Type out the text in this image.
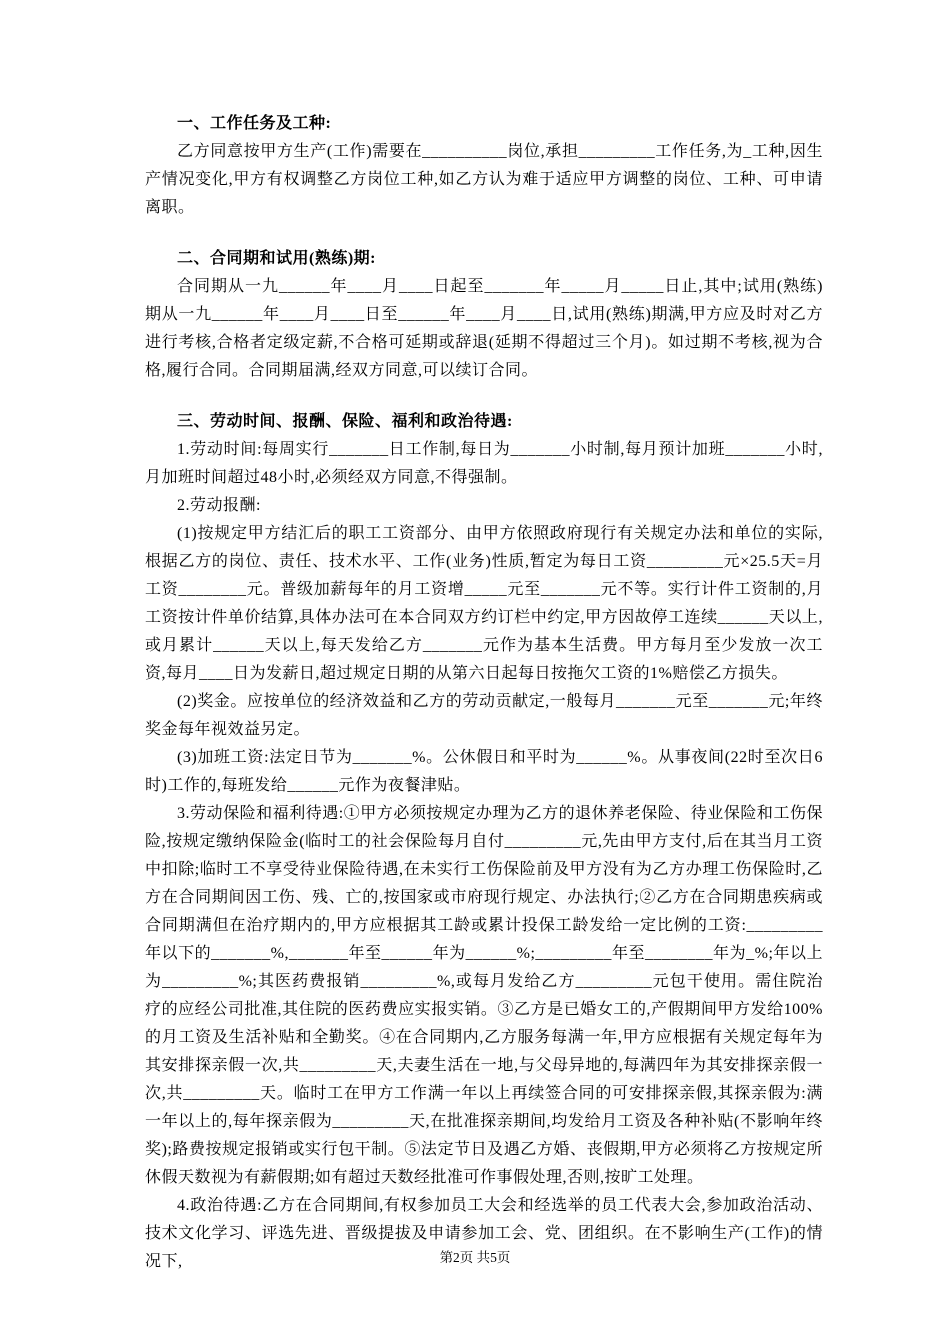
一、工作任务及工种:

乙方同意按甲方生产(工作)需要在__________岗位,承担_________工作任务,为_工种,因生产情况变化,甲方有权调整乙方岗位工种,如乙方认为难于适应甲方调整的岗位、工种、可申请离职。

二、合同期和试用(熟练)期:

合同期从一九______年____月____日起至_______年_____月_____日止,其中;试用(熟练)期从一九______年____月____日至______年____月____日,试用(熟练)期满,甲方应及时对乙方进行考核,合格者定级定薪,不合格可延期或辞退(延期不得超过三个月)。如过期不考核,视为合格,履行合同。合同期届满,经双方同意,可以续订合同。

三、劳动时间、报酬、保险、福利和政治待遇:

1.劳动时间:每周实行_______日工作制,每日为_______小时制,每月预计加班_______小时,月加班时间超过48小时,必须经双方同意,不得强制。

2.劳动报酬:

(1)按规定甲方结汇后的职工工资部分、由甲方依照政府现行有关规定办法和单位的实际,根据乙方的岗位、责任、技术水平、工作(业务)性质,暂定为每日工资_________元×25.5天=月工资________元。普级加薪每年的月工资增_____元至_______元不等。实行计件工资制的,月工资按计件单价结算,具体办法可在本合同双方约订栏中约定,甲方因故停工连续______天以上,或月累计______天以上,每天发给乙方_______元作为基本生活费。甲方每月至少发放一次工资,每月____日为发薪日,超过规定日期的从第六日起每日按拖欠工资的1%赔偿乙方损失。

(2)奖金。应按单位的经济效益和乙方的劳动贡献定,一般每月_______元至_______元;年终奖金每年视效益另定。

(3)加班工资:法定日节为_______%。公休假日和平时为______%。从事夜间(22时至次日6时)工作的,每班发给______元作为夜餐津贴。

3.劳动保险和福利待遇:①甲方必须按规定办理为乙方的退休养老保险、待业保险和工伤保险,按规定缴纳保险金(临时工的社会保险每月自付_________元,先由甲方支付,后在其当月工资中扣除;临时工不享受待业保险待遇,在未实行工伤保险前及甲方没有为乙方办理工伤保险时,乙方在合同期间因工伤、残、亡的,按国家或市府现行规定、办法执行;②乙方在合同期患疾病或合同期满但在治疗期内的,甲方应根据其工龄或累计投保工龄发给一定比例的工资:_________年以下的_______%,_______年至______年为______%;_________年至________年为_%;年以上为_________%;其医药费报销_________%,或每月发给乙方_________元包干使用。需住院治疗的应经公司批准,其住院的医药费应实报实销。③乙方是已婚女工的,产假期间甲方发给100%的月工资及生活补贴和全勤奖。④在合同期内,乙方服务每满一年,甲方应根据有关规定每年为其安排探亲假一次,共_________天,夫妻生活在一地,与父母异地的,每满四年为其安排探亲假一次,共_________天。临时工在甲方工作满一年以上再续签合同的可安排探亲假,其探亲假为:满一年以上的,每年探亲假为_________天,在批准探亲期间,均发给月工资及各种补贴(不影响年终奖);路费按规定报销或实行包干制。⑤法定节日及遇乙方婚、丧假期,甲方必须将乙方按规定所休假天数视为有薪假期;如有超过天数经批准可作事假处理,否则,按旷工处理。

4.政治待遇:乙方在合同期间,有权参加员工大会和经选举的员工代表大会,参加政治活动、技术文化学习、评选先进、晋级提拔及申请参加工会、党、团组织。在不影响生产(工作)的情况下,	第2页 共5页
